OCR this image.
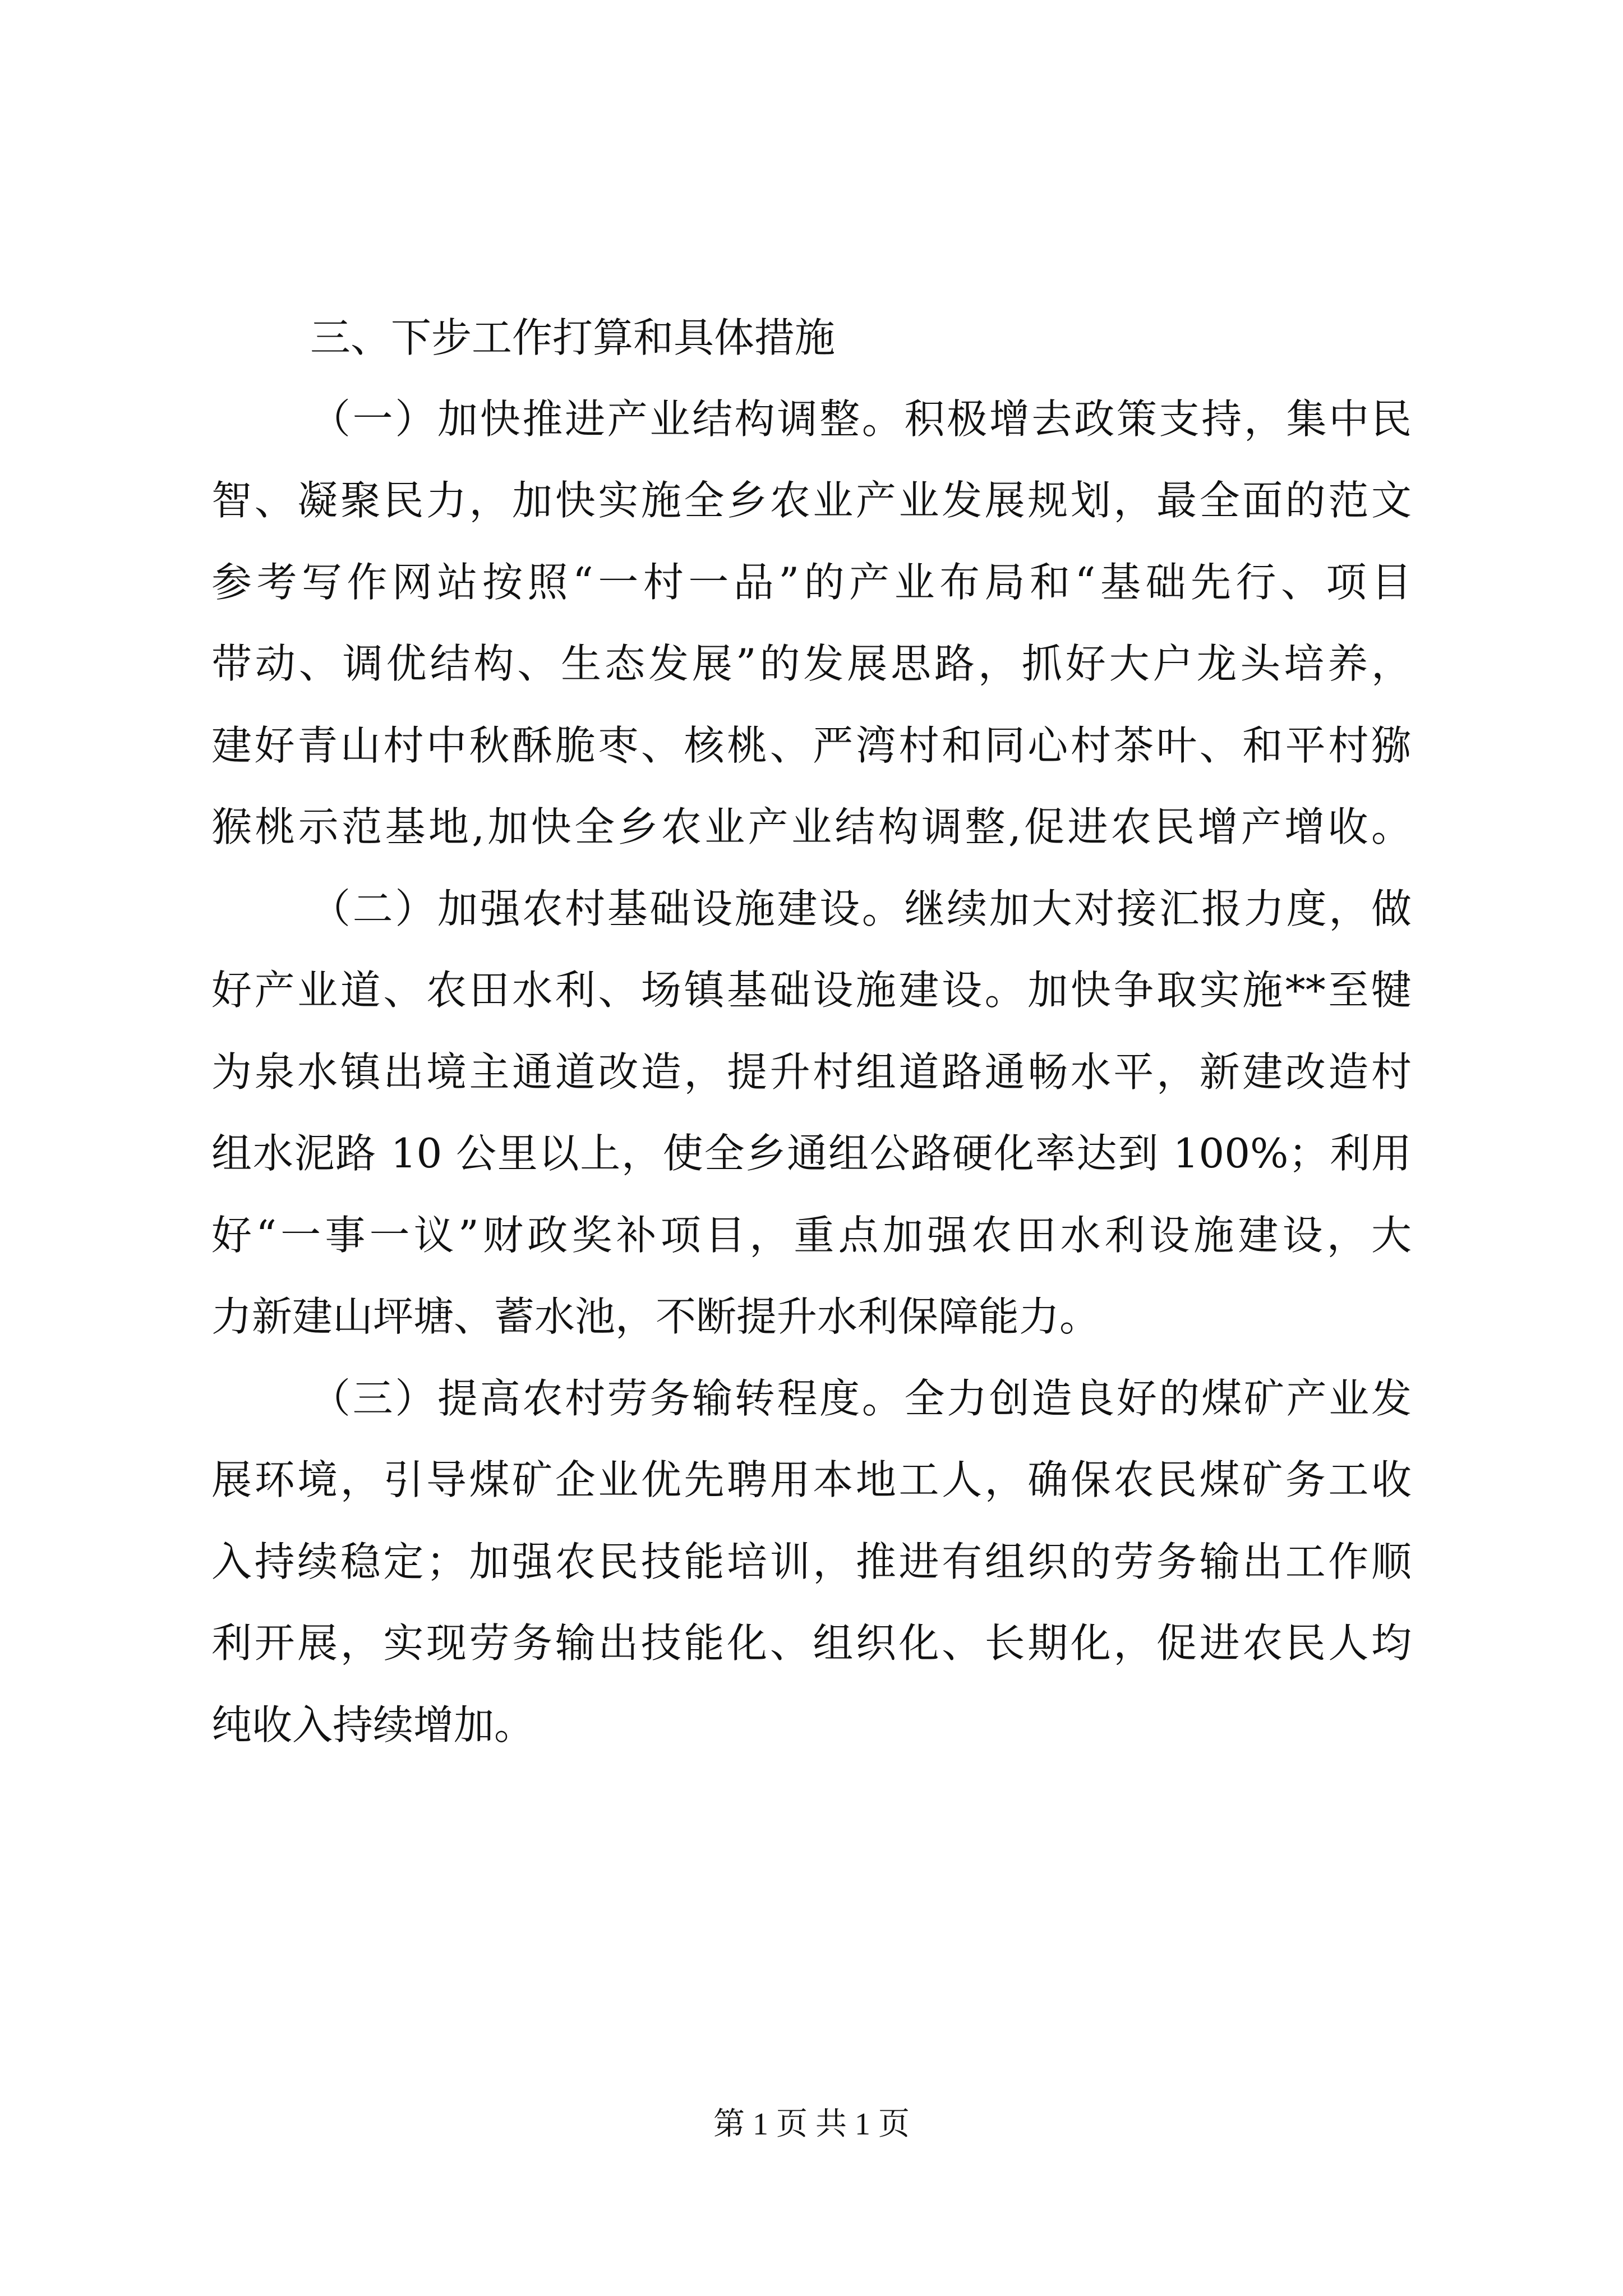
三、下步工作打算和具体措施
（一）加快推进产业结构调整。积极增去政策支持，集中民
智、凝聚民力，加快实施全乡农业产业发展规划，最全面的范文
参考写作网站按照“一村一品”的产业布局和“基础先行、项目
带动、调优结构、生态发展”的发展思路，抓好大户龙头培养，
建好青山村中秋酥脆枣、核桃、严湾村和同心村茶叶、和平村猕
猴桃示范基地,加快全乡农业产业结构调整,促进农民增产增收。
（二）加强农村基础设施建设。继续加大对接汇报力度，做
好产业道、农田水利、场镇基础设施建设。加快争取实施**至犍
为泉水镇出境主通道改造，提升村组道路通畅水平，新建改造村
组水泥路 10 公里以上，使全乡通组公路硬化率达到 100%；利用
好“一事一议”财政奖补项目，重点加强农田水利设施建设，大
力新建山坪塘、蓄水池，不断提升水利保障能力。
（三）提高农村劳务输转程度。全力创造良好的煤矿产业发
展环境，引导煤矿企业优先聘用本地工人，确保农民煤矿务工收
入持续稳定；加强农民技能培训，推进有组织的劳务输出工作顺
利开展，实现劳务输出技能化、组织化、长期化，促进农民人均
纯收入持续增加。
第 1 页 共 1 页
